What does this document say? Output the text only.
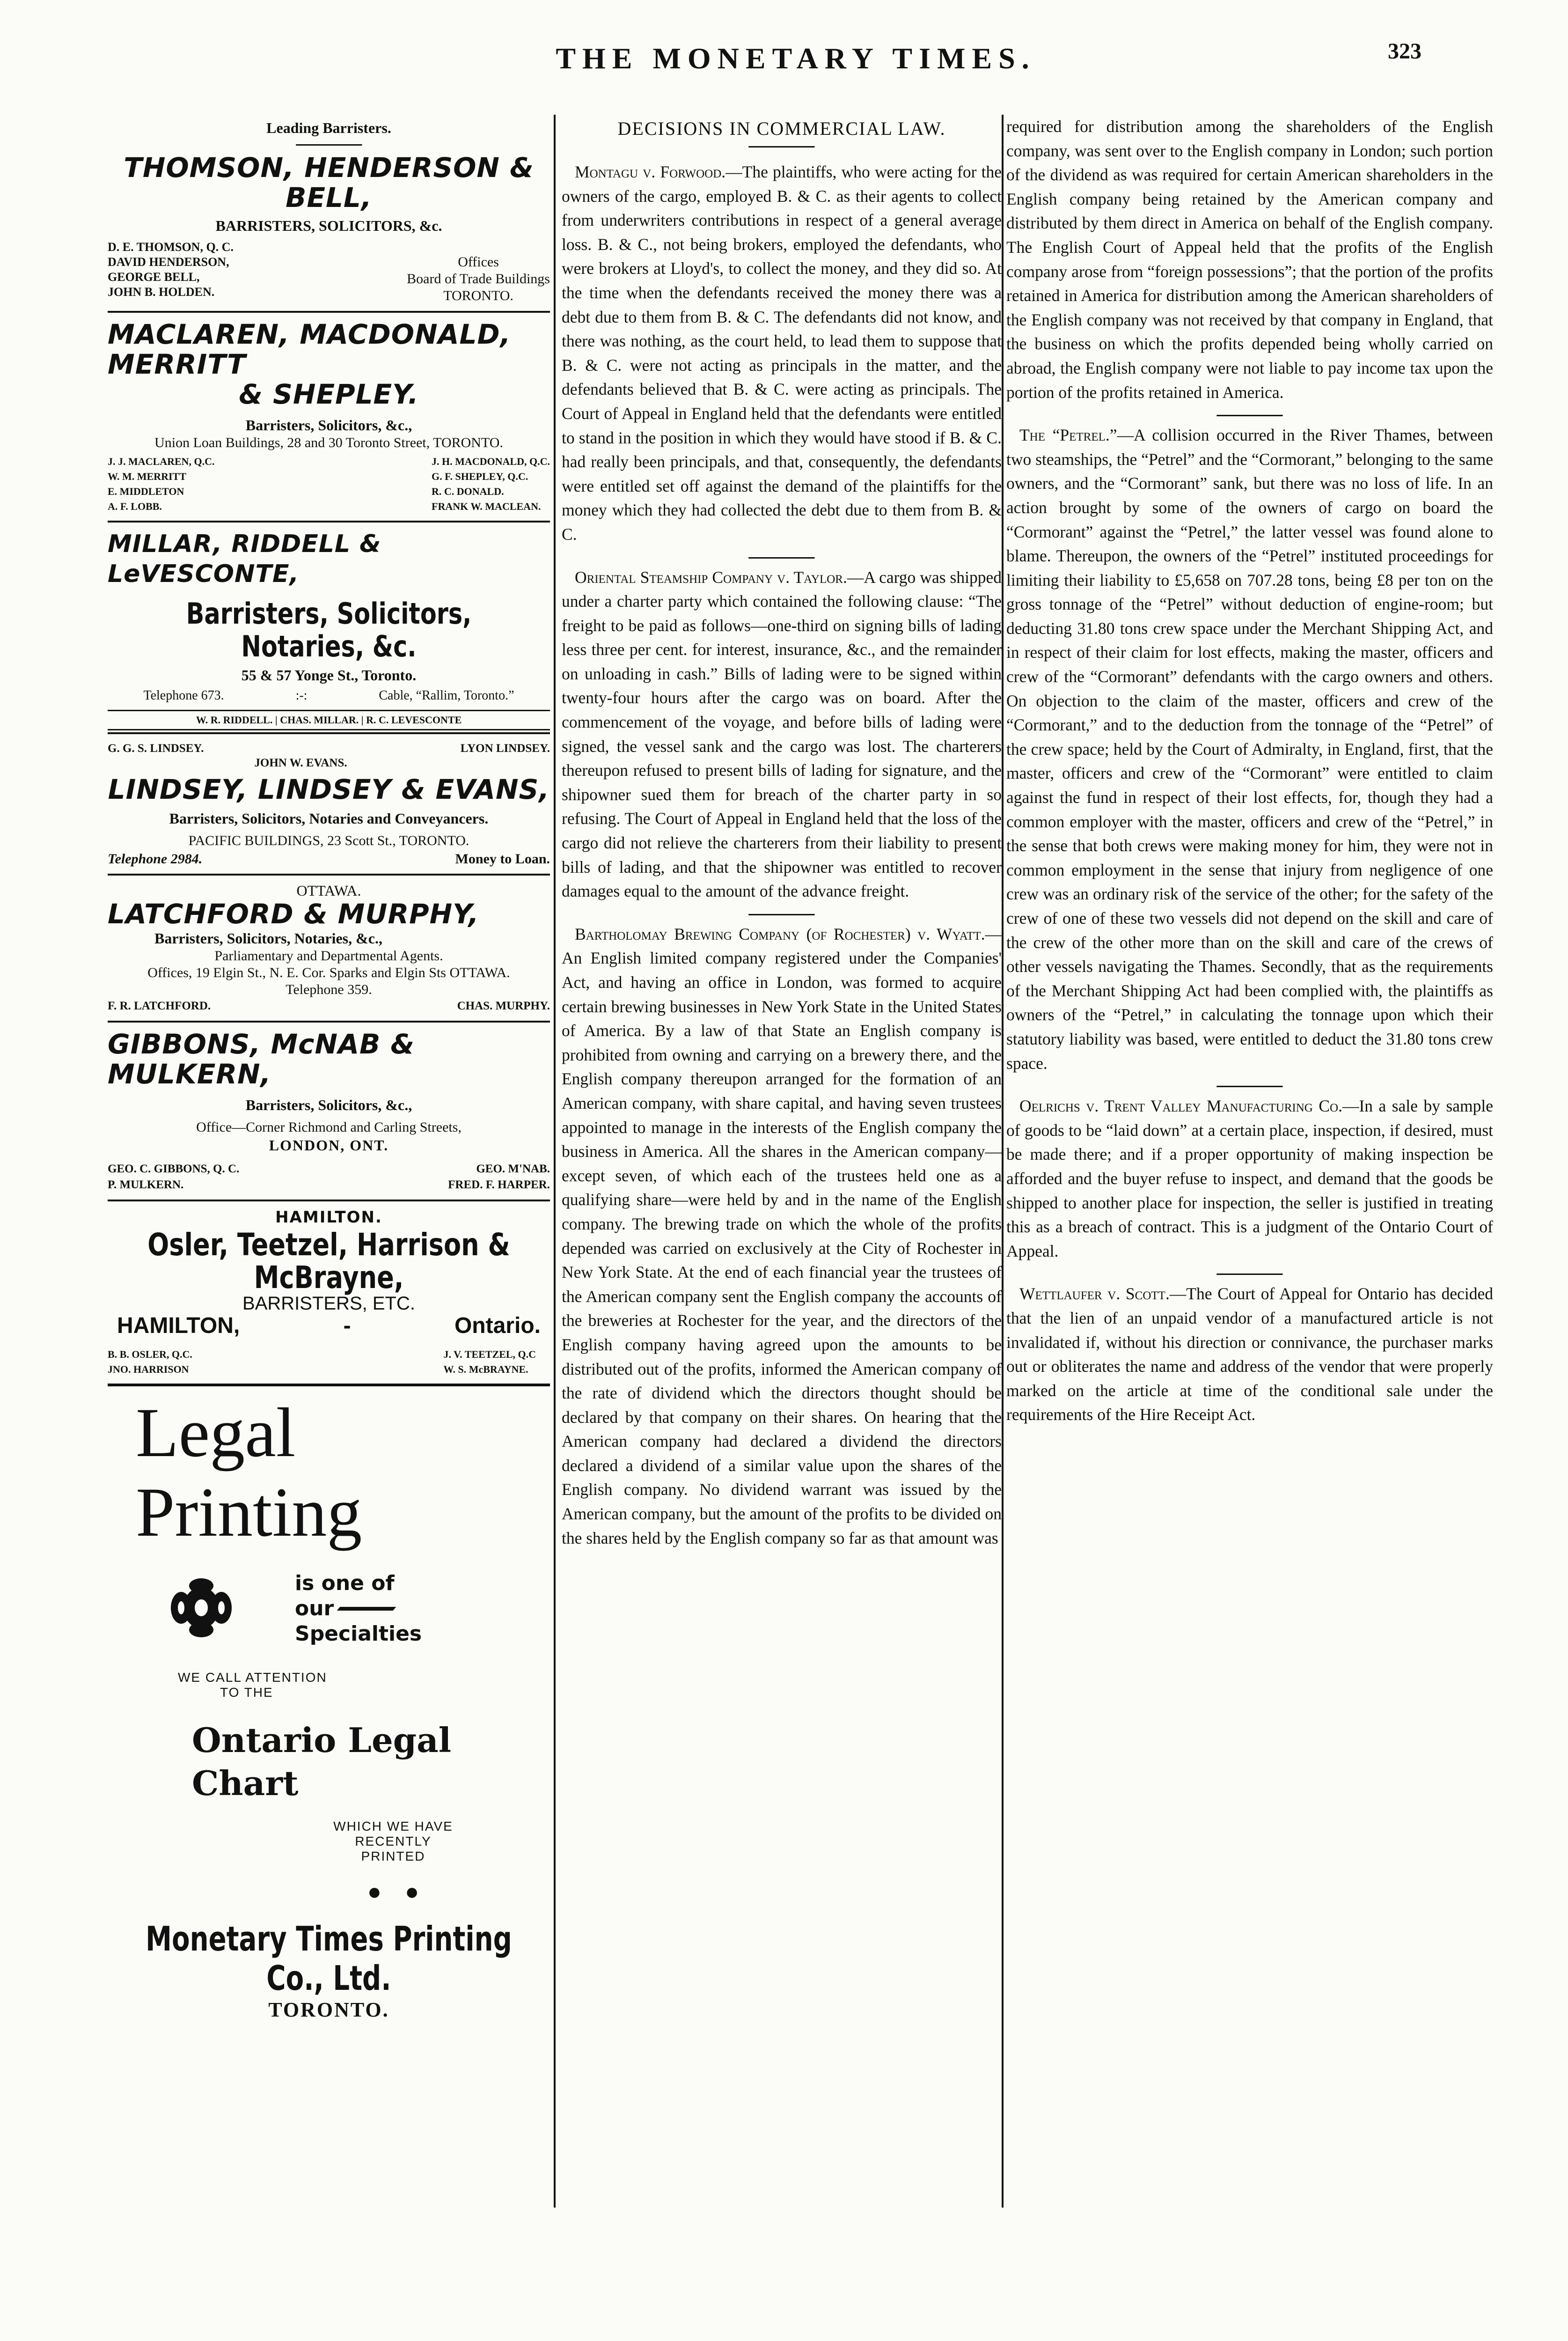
THE MONETARY TIMES.	323
Leading Barristers.
THOMSON, HENDERSON & BELL,
BARRISTERS, SOLICITORS, &c.
D. E. THOMSON, Q. C.
DAVID HENDERSON,
GEORGE BELL,
JOHN B. HOLDEN.
Offices
Board of Trade Buildings
TORONTO.
MACLAREN, MACDONALD, MERRITT
& SHEPLEY.
Barristers, Solicitors, &c.,
Union Loan Buildings, 28 and 30 Toronto Street, TORONTO.
J. J. MACLAREN, Q.C.
W. M. MERRITT
E. MIDDLETON
A. F. LOBB.
J. H. MACDONALD, Q.C.
G. F. SHEPLEY, Q.C.
R. C. DONALD.
FRANK W. MACLEAN.
MILLAR, RIDDELL & LeVESCONTE,
Barristers, Solicitors, Notaries, &c.
55 & 57 Yonge St., Toronto.
Telephone 673.	:-:	Cable, “Rallim, Toronto.”
W. R. RIDDELL. | CHAS. MILLAR. | R. C. LEVESCONTE
G. G. S. LINDSEY.	LYON LINDSEY.
JOHN W. EVANS.
LINDSEY, LINDSEY & EVANS,
Barristers, Solicitors, Notaries and Conveyancers.
PACIFIC BUILDINGS, 23 Scott St., TORONTO.
Telephone 2984.	Money to Loan.
OTTAWA.
LATCHFORD & MURPHY,
Barristers, Solicitors, Notaries, &c.,
Parliamentary and Departmental Agents.
Offices, 19 Elgin St., N. E. Cor. Sparks and Elgin Sts OTTAWA.
Telephone 359.
F. R. LATCHFORD.	CHAS. MURPHY.
GIBBONS, McNAB & MULKERN,
Barristers, Solicitors, &c.,
Office—Corner Richmond and Carling Streets,
LONDON, ONT.
GEO. C. GIBBONS, Q. C.	GEO. M'NAB.
P. MULKERN.	FRED. F. HARPER.
HAMILTON.
Osler, Teetzel, Harrison & McBrayne,
BARRISTERS, ETC.
HAMILTON,	-	Ontario.
B. B. OSLER, Q.C.
JNO. HARRISON
J. V. TEETZEL, Q.C
W. S. McBRAYNE.
Legal
Printing
is one of
our
Specialties
WE CALL ATTENTION
TO THE
Ontario Legal
Chart
WHICH WE HAVE RECENTLY
PRINTED
●    ●
Monetary Times Printing Co., Ltd.
TORONTO.
DECISIONS IN COMMERCIAL LAW.

Montagu v. Forwood.—The plaintiffs, who were acting for the owners of the cargo, employed B. & C. as their agents to collect from underwriters contributions in respect of a general average loss. B. & C., not being brokers, employed the defendants, who were brokers at Lloyd's, to collect the money, and they did so. At the time when the defendants received the money there was a debt due to them from B. & C. The defendants did not know, and there was nothing, as the court held, to lead them to suppose that B. & C. were not acting as principals in the matter, and the defendants believed that B. & C. were acting as principals. The Court of Appeal in England held that the defendants were entitled to stand in the position in which they would have stood if B. & C. had really been principals, and that, consequently, the defendants were entitled set off against the demand of the plaintiffs for the money which they had collected the debt due to them from B. & C.

Oriental Steamship Company v. Taylor.—A cargo was shipped under a charter party which contained the following clause: “The freight to be paid as follows—one-third on signing bills of lading less three per cent. for interest, insurance, &c., and the remainder on unloading in cash.” Bills of lading were to be signed within twenty-four hours after the cargo was on board. After the commencement of the voyage, and before bills of lading were signed, the vessel sank and the cargo was lost. The charterers thereupon refused to present bills of lading for signature, and the shipowner sued them for breach of the charter party in so refusing. The Court of Appeal in England held that the loss of the cargo did not relieve the charterers from their liability to present bills of lading, and that the shipowner was entitled to recover damages equal to the amount of the advance freight.

Bartholomay Brewing Company (of Rochester) v. Wyatt.—An English limited company registered under the Companies' Act, and having an office in London, was formed to acquire certain brewing businesses in New York State in the United States of America. By a law of that State an English company is prohibited from owning and carrying on a brewery there, and the English company thereupon arranged for the formation of an American company, with share capital, and having seven trustees appointed to manage in the interests of the English company the business in America. All the shares in the American company—except seven, of which each of the trustees held one as a qualifying share—were held by and in the name of the English company. The brewing trade on which the whole of the profits depended was carried on exclusively at the City of Rochester in New York State. At the end of each financial year the trustees of the American company sent the English company the accounts of the breweries at Rochester for the year, and the directors of the English company having agreed upon the amounts to be distributed out of the profits, informed the American company of the rate of dividend which the directors thought should be declared by that company on their shares. On hearing that the American company had declared a dividend the directors declared a dividend of a similar value upon the shares of the English company. No dividend warrant was issued by the American company, but the amount of the profits to be divided on the shares held by the English company so far as that amount was

required for distribution among the shareholders of the English company, was sent over to the English company in London; such portion of the dividend as was required for certain American shareholders in the English company being retained by the American company and distributed by them direct in America on behalf of the English company. The English Court of Appeal held that the profits of the English company arose from “foreign possessions”; that the portion of the profits retained in America for distribution among the American shareholders of the English company was not received by that company in England, that the business on which the profits depended being wholly carried on abroad, the English company were not liable to pay income tax upon the portion of the profits retained in America.

The “Petrel.”—A collision occurred in the River Thames, between two steamships, the “Petrel” and the “Cormorant,” belonging to the same owners, and the “Cormorant” sank, but there was no loss of life. In an action brought by some of the owners of cargo on board the “Cormorant” against the “Petrel,” the latter vessel was found alone to blame. Thereupon, the owners of the “Petrel” instituted proceedings for limiting their liability to £5,658 on 707.28 tons, being £8 per ton on the gross tonnage of the “Petrel” without deduction of engine-room; but deducting 31.80 tons crew space under the Merchant Shipping Act, and in respect of their claim for lost effects, making the master, officers and crew of the “Cormorant” defendants with the cargo owners and others. On objection to the claim of the master, officers and crew of the “Cormorant,” and to the deduction from the tonnage of the “Petrel” of the crew space; held by the Court of Admiralty, in England, first, that the master, officers and crew of the “Cormorant” were entitled to claim against the fund in respect of their lost effects, for, though they had a common employer with the master, officers and crew of the “Petrel,” in the sense that both crews were making money for him, they were not in common employment in the sense that injury from negligence of one crew was an ordinary risk of the service of the other; for the safety of the crew of one of these two vessels did not depend on the skill and care of the crew of the other more than on the skill and care of the crews of other vessels navigating the Thames. Secondly, that as the requirements of the Merchant Shipping Act had been complied with, the plaintiffs as owners of the “Petrel,” in calculating the tonnage upon which their statutory liability was based, were entitled to deduct the 31.80 tons crew space.

Oelrichs v. Trent Valley Manufacturing Co.—In a sale by sample of goods to be “laid down” at a certain place, inspection, if desired, must be made there; and if a proper opportunity of making inspection be afforded and the buyer refuse to inspect, and demand that the goods be shipped to another place for inspection, the seller is justified in treating this as a breach of contract. This is a judgment of the Ontario Court of Appeal.

Wettlaufer v. Scott.—The Court of Appeal for Ontario has decided that the lien of an unpaid vendor of a manufactured article is not invalidated if, without his direction or connivance, the purchaser marks out or obliterates the name and address of the vendor that were properly marked on the article at time of the conditional sale under the requirements of the Hire Receipt Act.
